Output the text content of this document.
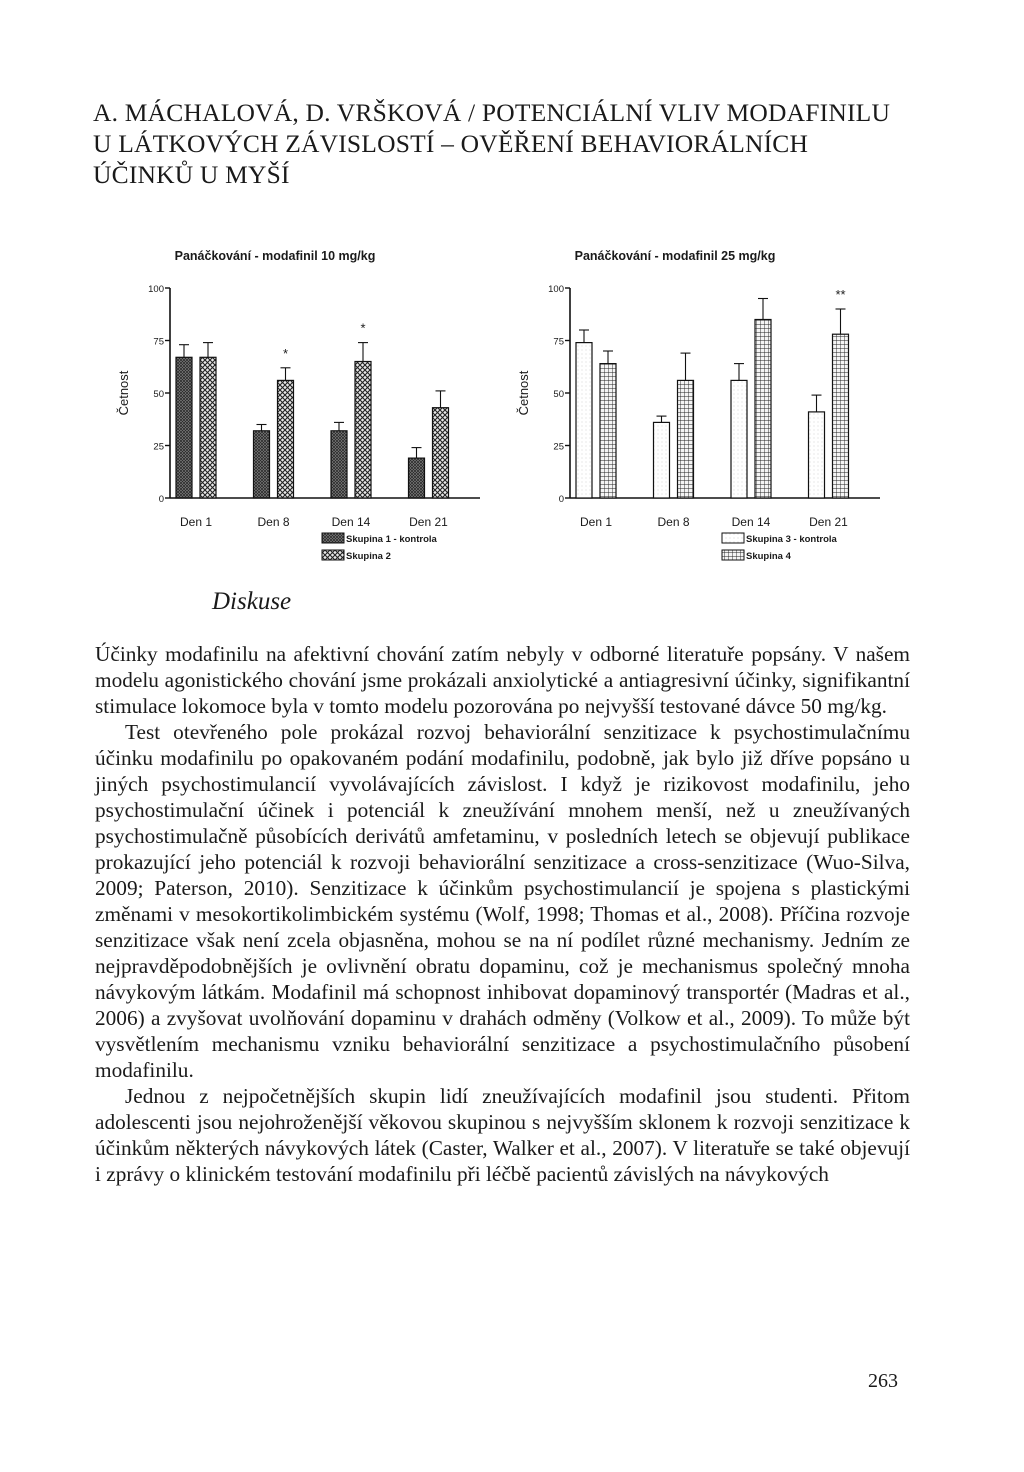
A. MÁCHALOVÁ, D. VRŠKOVÁ / POTENCIÁLNÍ VLIV MODAFINILU
U LÁTKOVÝCH ZÁVISLOSTÍ – OVĚŘENÍ BEHAVIORÁLNÍCH
ÚČINKŮ U MYŠÍ
Panáčkování - modafinil 10 mg/kg
Četnost
0
25
50
75
100
Den 1
*
Den 8
*
Den 14	Den 21
Skupina 1 - kontrola
Skupina 2
Panáčkování - modafinil 25 mg/kg
Četnost
0
25
50
75
100
Den 1	Den 8	Den 14
**
Den 21
Skupina 3 - kontrola
Skupina 4
Diskuse

Účinky modafinilu na afektivní chování zatím nebyly v odborné literatuře popsány. V našem modelu agonistického chování jsme prokázali anxiolytické a antiagresivní účinky, signifikantní stimulace lokomoce byla v tomto modelu pozorována po nejvyšší testované dávce 50 mg/kg.

Test otevřeného pole prokázal rozvoj behaviorální senzitizace k psychostimulačnímu účinku modafinilu po opakovaném podání modafinilu, podobně, jak bylo již dříve popsáno u jiných psychostimulancií vyvolávajících závislost. I když je rizikovost modafinilu, jeho psychostimulační účinek i potenciál k zneužívání mnohem menší, než u zneužívaných psychostimulačně působících derivátů amfetaminu, v posledních letech se objevují publikace prokazující jeho potenciál k rozvoji behaviorální senzitizace a cross-senzitizace (Wuo-Silva, 2009; Paterson, 2010). Senzitizace k účinkům psychostimulancií je spojena s plastickými změnami v mesokortikolimbickém systému (Wolf, 1998; Thomas et al., 2008). Příčina rozvoje senzitizace však není zcela objasněna, mohou se na ní podílet různé mechanismy. Jedním ze nejpravděpodobnějších je ovlivnění obratu dopaminu, což je mechanismus společný mnoha návykovým látkám. Modafinil má schopnost inhibovat dopaminový transportér (Madras et al., 2006) a zvyšovat uvolňování dopaminu v drahách odměny (Volkow et al., 2009). To může být vysvětlením mechanismu vzniku behaviorální senzitizace a psychostimulačního působení modafinilu.

Jednou z nejpočetnějších skupin lidí zneužívajících modafinil jsou studenti. Přitom adolescenti jsou nejohroženější věkovou skupinou s nejvyšším sklonem k rozvoji senzitizace k účinkům některých návykových látek (Caster, Walker et al., 2007). V literatuře se také objevují i zprávy o klinickém testování modafinilu při léčbě pacientů závislých na návykových

263
